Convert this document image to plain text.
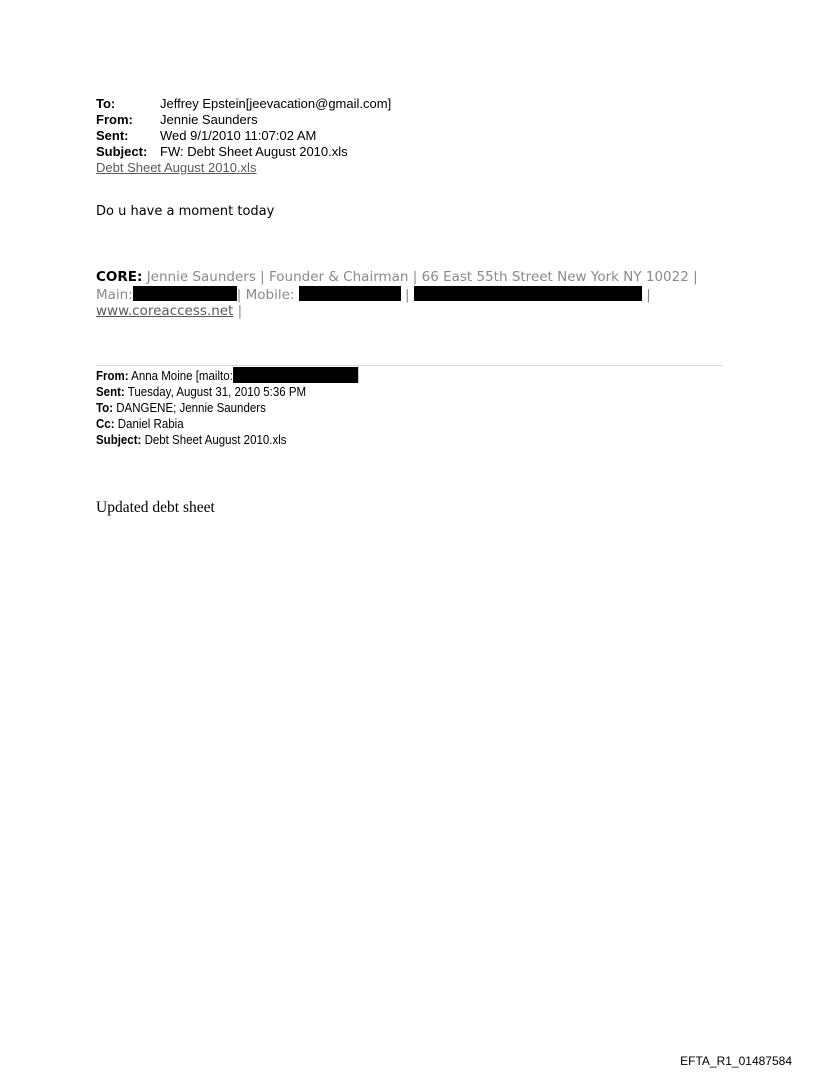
To:	Jeffrey Epstein[jeevacation@gmail.com]
From:	Jennie Saunders
Sent:	Wed 9/1/2010 11:07:02 AM
Subject: FW: Debt Sheet August 2010.xls
Debt Sheet August 2010.xls
Do u have a moment today
CORE: Jennie Saunders | Founder & Chairman | 66 East 55th Street New York NY 10022 |
Main:	| Mobile:	|	|
www.coreaccess.net |
From: Anna Moine [mailto:
Sent: Tuesday, August 31, 2010 5:36 PM
To: DANGENE; Jennie Saunders
Cc: Daniel Rabia
Subject: Debt Sheet August 2010.xls
Updated debt sheet
EFTA_R1_01487584
